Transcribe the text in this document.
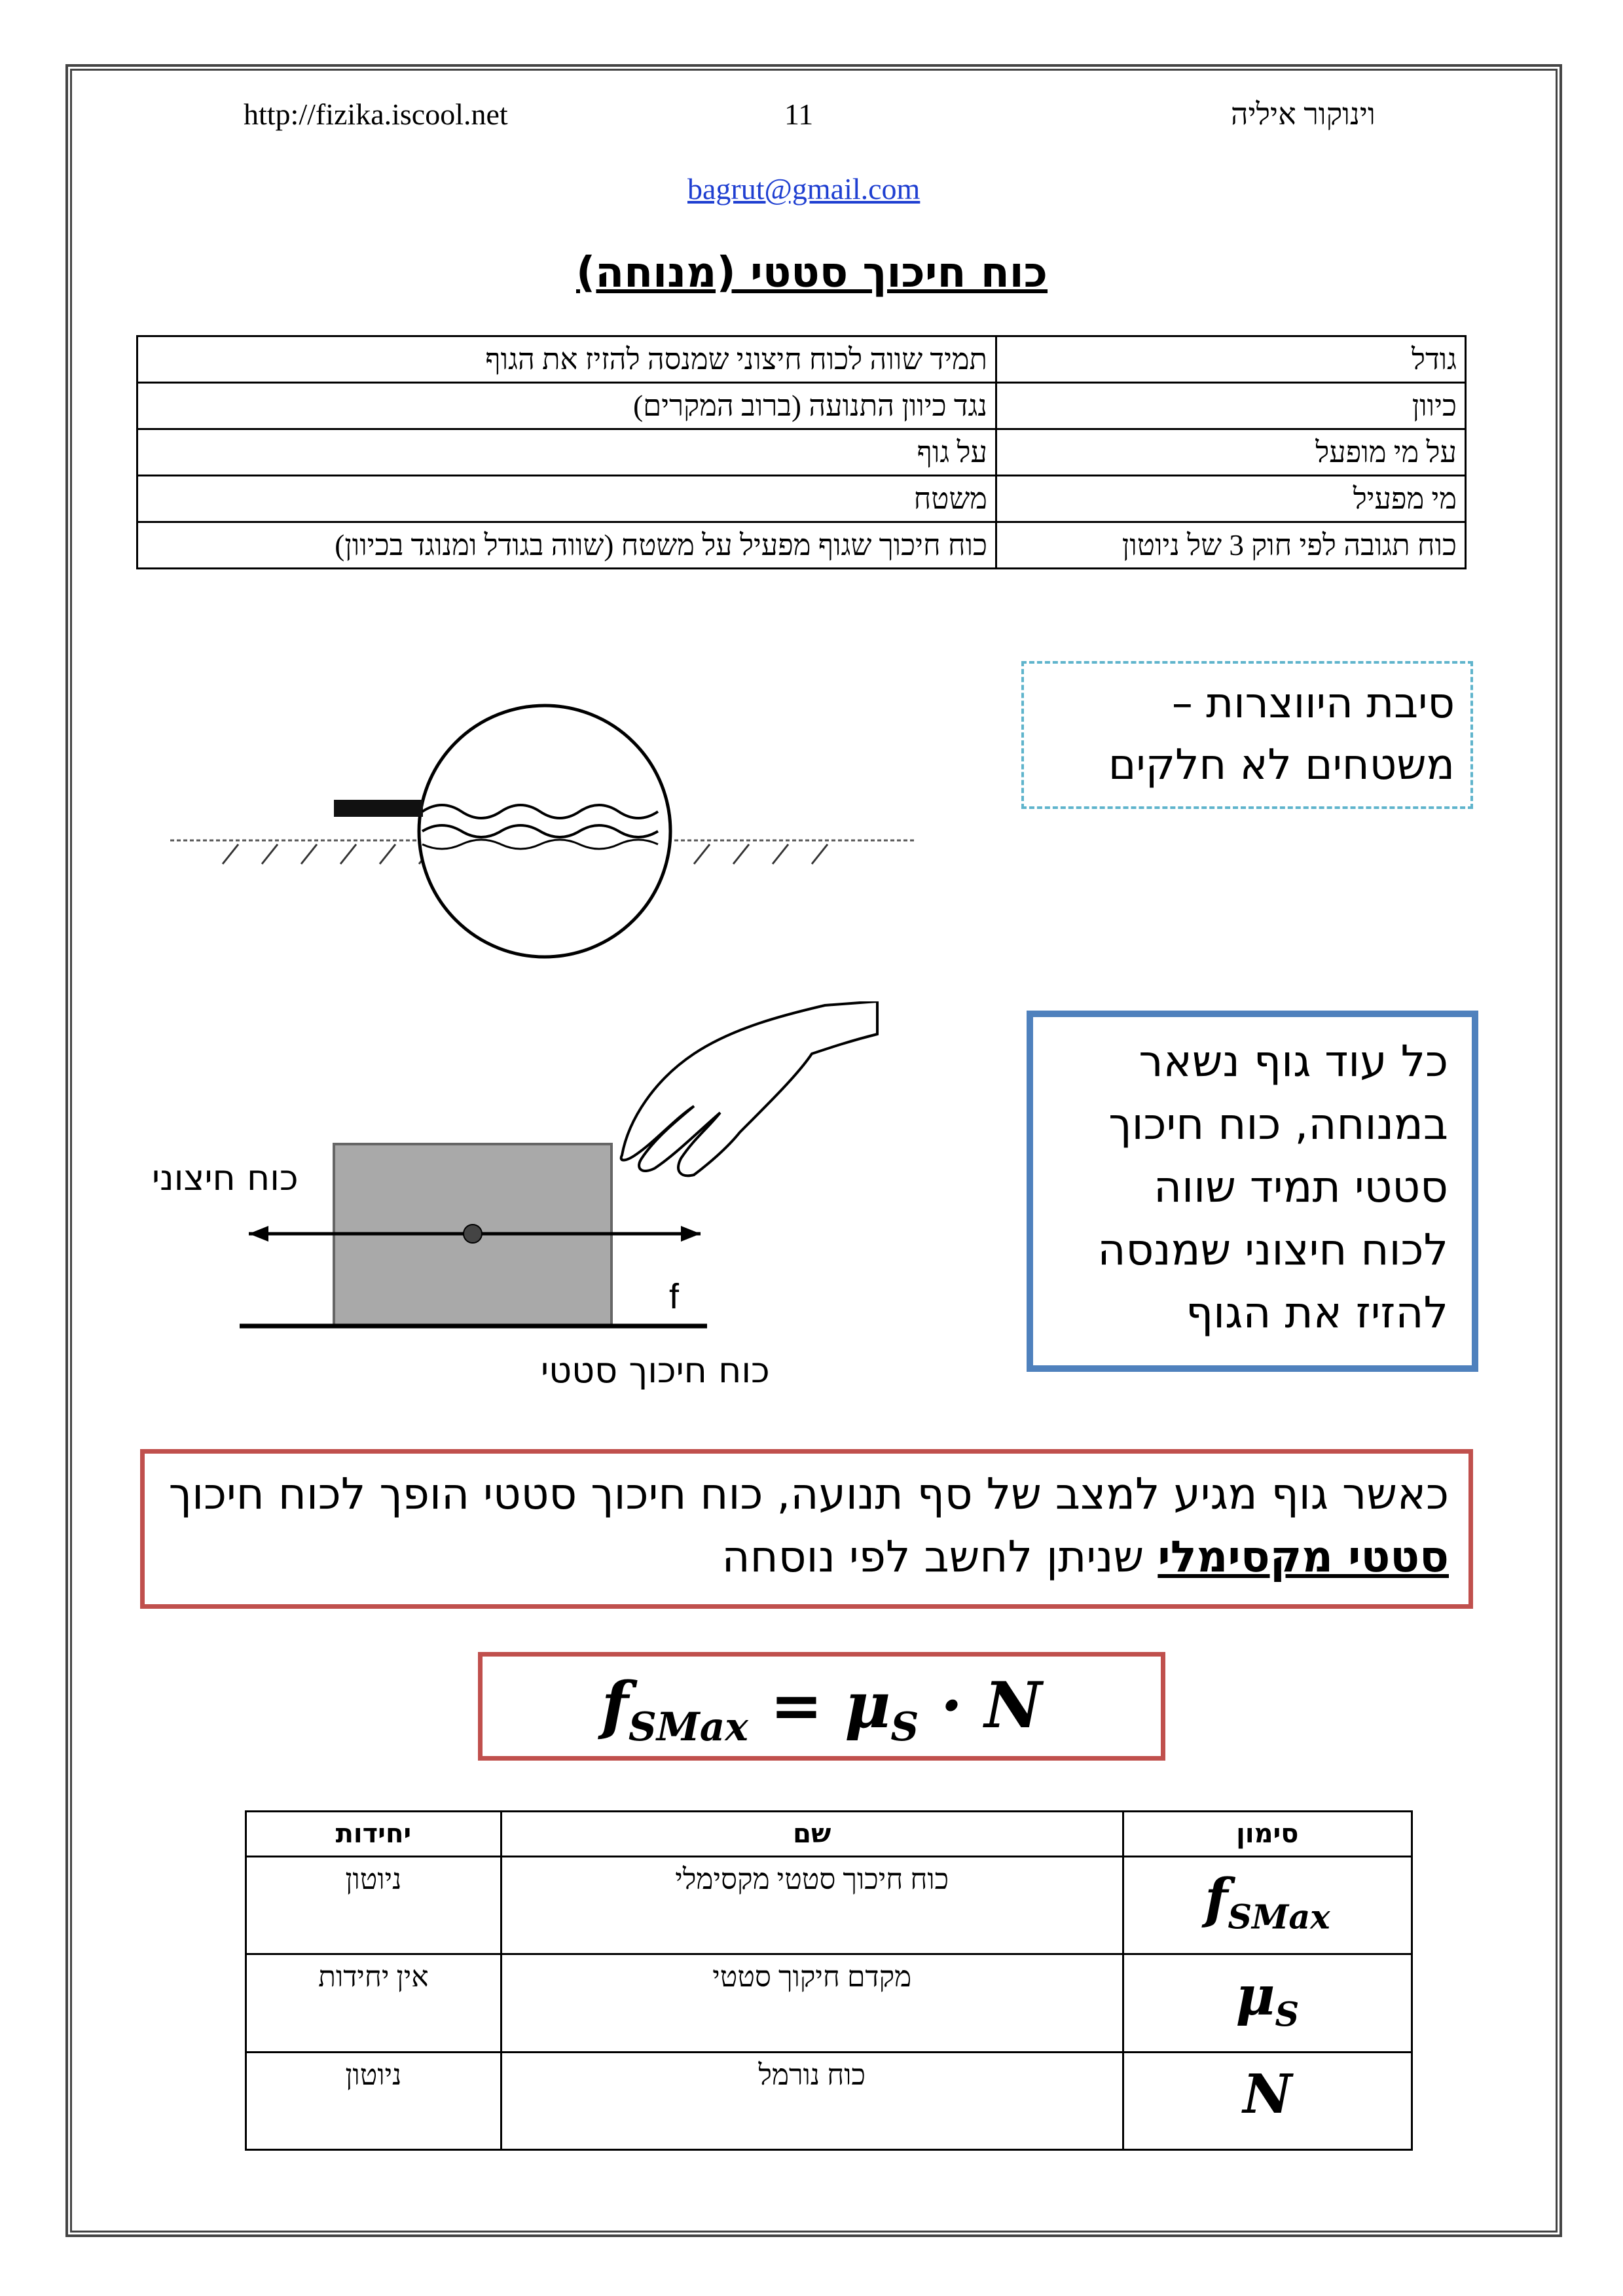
http://fizika.iscool.net	11	וינוקור איליה
bagrut@gmail.com
כוח חיכוך סטטי (מנוחה)
גודל	תמיד שווה לכוח חיצוני שמנסה להזיז את הגוף
כיוון	נגד כיוון התנועה (ברוב המקרים)
על מי מופעל	על גוף
מי מפעיל	משטח
כוח תגובה לפי חוק 3 של ניוטון	כוח חיכוך שגוף מפעיל על משטח (שווה בגודל ומנוגד בכיוון)
סיבת היווצרות –
משטחים לא חלקים
כוח חיצוני
f
כוח חיכוך סטטי
כל עוד גוף נשאר
במנוחה, כוח חיכוך
סטטי תמיד שווה
לכוח חיצוני שמנסה
להזיז את הגוף
כאשר גוף מגיע למצב של סף תנועה, כוח חיכוך סטטי הופך לכוח חיכוך סטטי מקסימלי שניתן לחשב לפי נוסחה
$f_{SMax} = \mu_S \cdot N$
סימון	שם	יחידות
$f_{SMax}$	כוח חיכוך סטטי מקסימלי	ניוטון
$\mu_S$	מקדם חיקוך סטטי	אין יחידות
N	כוח נורמל	ניוטון
